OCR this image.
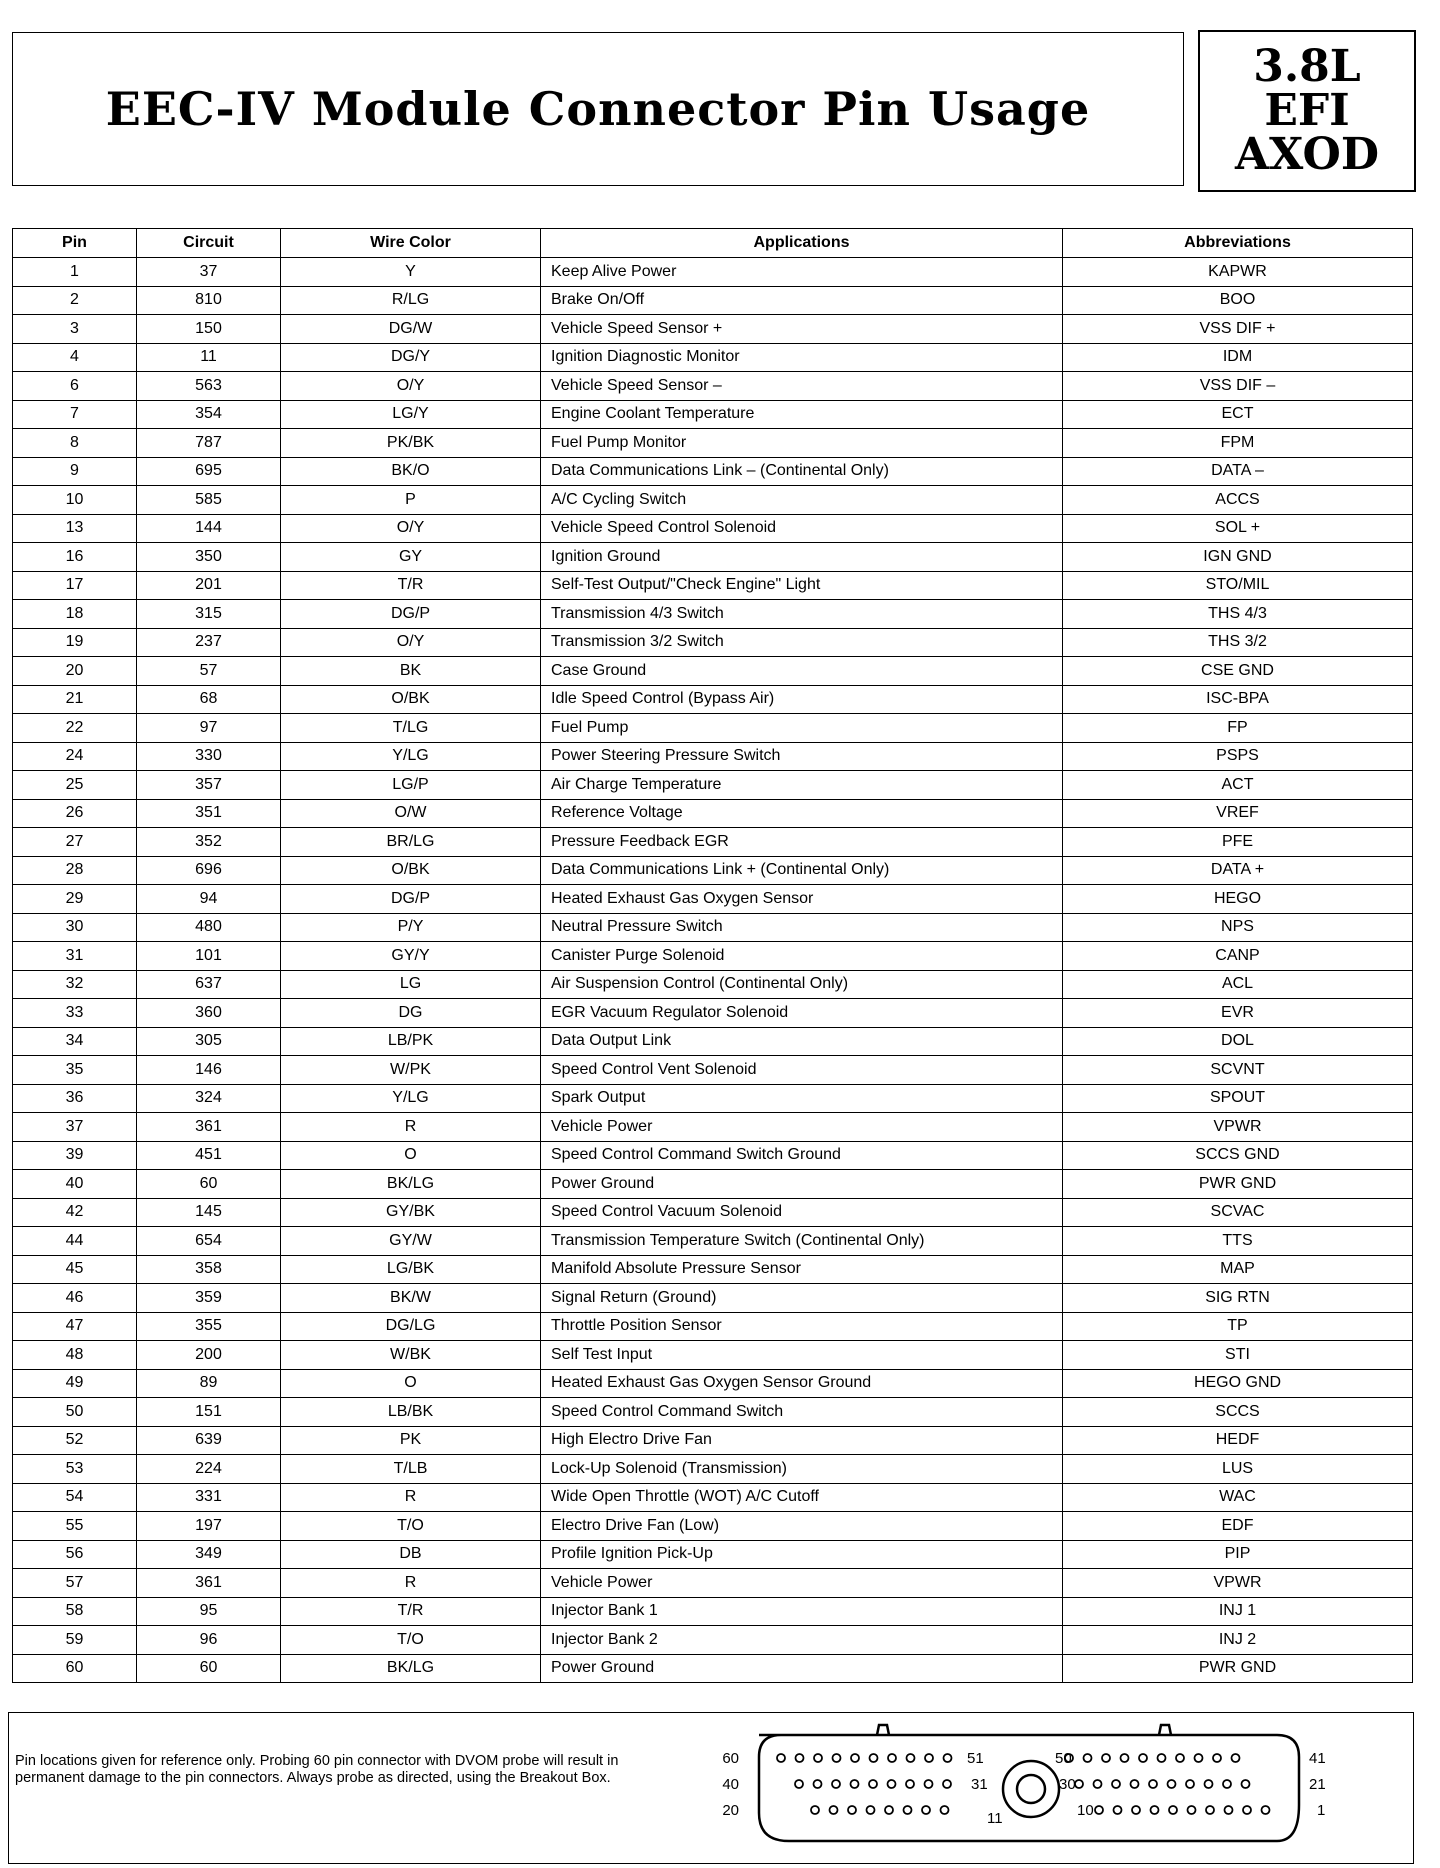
EEC-IV Module Connector Pin Usage
3.8L
EFI
AXOD
Pin	Circuit	Wire Color	Applications	Abbreviations
1	37	Y	Keep Alive Power	KAPWR
2	810	R/LG	Brake On/Off	BOO
3	150	DG/W	Vehicle Speed Sensor +	VSS DIF +
4	11	DG/Y	Ignition Diagnostic Monitor	IDM
6	563	O/Y	Vehicle Speed Sensor –	VSS DIF –
7	354	LG/Y	Engine Coolant Temperature	ECT
8	787	PK/BK	Fuel Pump Monitor	FPM
9	695	BK/O	Data Communications Link – (Continental Only)	DATA –
10	585	P	A/C Cycling Switch	ACCS
13	144	O/Y	Vehicle Speed Control Solenoid	SOL +
16	350	GY	Ignition Ground	IGN GND
17	201	T/R	Self-Test Output/"Check Engine" Light	STO/MIL
18	315	DG/P	Transmission 4/3 Switch	THS 4/3
19	237	O/Y	Transmission 3/2 Switch	THS 3/2
20	57	BK	Case Ground	CSE GND
21	68	O/BK	Idle Speed Control (Bypass Air)	ISC-BPA
22	97	T/LG	Fuel Pump	FP
24	330	Y/LG	Power Steering Pressure Switch	PSPS
25	357	LG/P	Air Charge Temperature	ACT
26	351	O/W	Reference Voltage	VREF
27	352	BR/LG	Pressure Feedback EGR	PFE
28	696	O/BK	Data Communications Link + (Continental Only)	DATA +
29	94	DG/P	Heated Exhaust Gas Oxygen Sensor	HEGO
30	480	P/Y	Neutral Pressure Switch	NPS
31	101	GY/Y	Canister Purge Solenoid	CANP
32	637	LG	Air Suspension Control (Continental Only)	ACL
33	360	DG	EGR Vacuum Regulator Solenoid	EVR
34	305	LB/PK	Data Output Link	DOL
35	146	W/PK	Speed Control Vent Solenoid	SCVNT
36	324	Y/LG	Spark Output	SPOUT
37	361	R	Vehicle Power	VPWR
39	451	O	Speed Control Command Switch Ground	SCCS GND
40	60	BK/LG	Power Ground	PWR GND
42	145	GY/BK	Speed Control Vacuum Solenoid	SCVAC
44	654	GY/W	Transmission Temperature Switch (Continental Only)	TTS
45	358	LG/BK	Manifold Absolute Pressure Sensor	MAP
46	359	BK/W	Signal Return (Ground)	SIG RTN
47	355	DG/LG	Throttle Position Sensor	TP
48	200	W/BK	Self Test Input	STI
49	89	O	Heated Exhaust Gas Oxygen Sensor Ground	HEGO GND
50	151	LB/BK	Speed Control Command Switch	SCCS
52	639	PK	High Electro Drive Fan	HEDF
53	224	T/LB	Lock-Up Solenoid (Transmission)	LUS
54	331	R	Wide Open Throttle (WOT) A/C Cutoff	WAC
55	197	T/O	Electro Drive Fan (Low)	EDF
56	349	DB	Profile Ignition Pick-Up	PIP
57	361	R	Vehicle Power	VPWR
58	95	T/R	Injector Bank 1	INJ 1
59	96	T/O	Injector Bank 2	INJ 2
60	60	BK/LG	Power Ground	PWR GND
Pin locations given for reference only. Probing 60 pin connector with DVOM probe will result in permanent damage to the pin connectors. Always probe as directed, using the Breakout Box.
60
40
20
41
21
1
51	50
31	30
11	10
